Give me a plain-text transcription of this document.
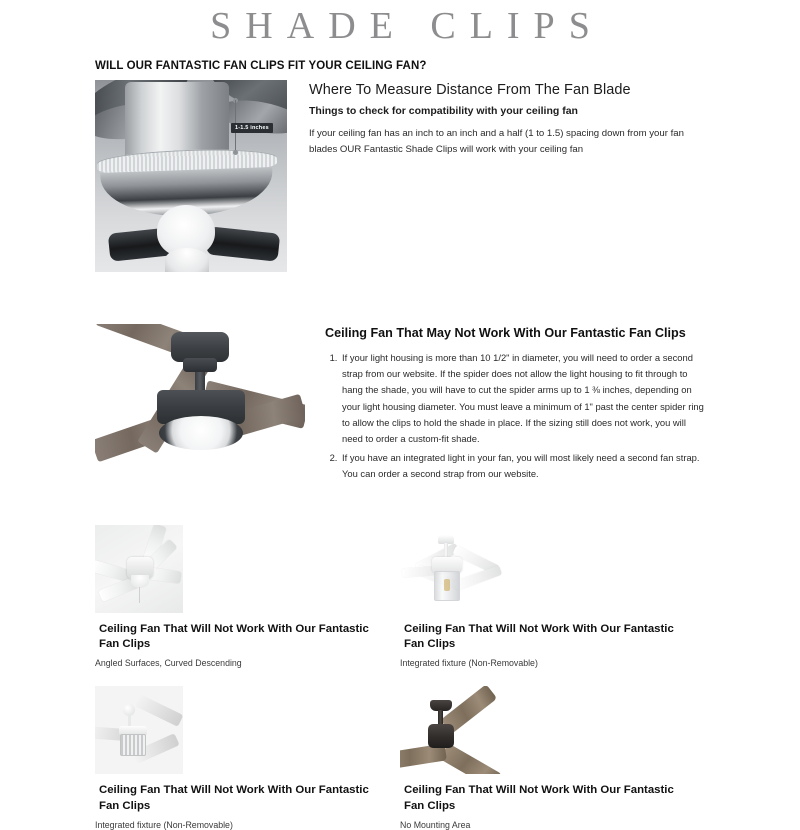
SHADE CLIPS
WILL OUR FANTASTIC FAN CLIPS FIT YOUR CEILING FAN?
1-1.5 inches
Where To Measure Distance From The Fan Blade
Things to check for compatibility with your ceiling fan

If your ceiling fan has an inch to an inch and a half (1 to 1.5) spacing down from your fan blades OUR Fantastic Shade Clips will work with your ceiling fan

Ceiling Fan That May Not Work With Our Fantastic Fan Clips
1. If your light housing is more than 10 1/2" in diameter, you will need to order a second strap from our website. If the spider does not allow the light housing to fit through to hang the shade, you will have to cut the spider arms up to 1 ⅜ inches, depending on your light housing diameter. You must leave a minimum of 1" past the center spider ring to allow the clips to hold the shade in place. If the sizing still does not work, you will need to order a custom-fit shade.
2. If you have an integrated light in your fan, you will most likely need a second fan strap. You can order a second strap from our website.

Ceiling Fan That Will Not Work With Our Fantastic Fan Clips

Angled Surfaces, Curved Descending

Ceiling Fan That Will Not Work With Our Fantastic Fan Clips

Integrated fixture (Non-Removable)

Ceiling Fan That Will Not Work With Our Fantastic Fan Clips

Integrated fixture (Non-Removable)

Ceiling Fan That Will Not Work With Our Fantastic Fan Clips

No Mounting Area
